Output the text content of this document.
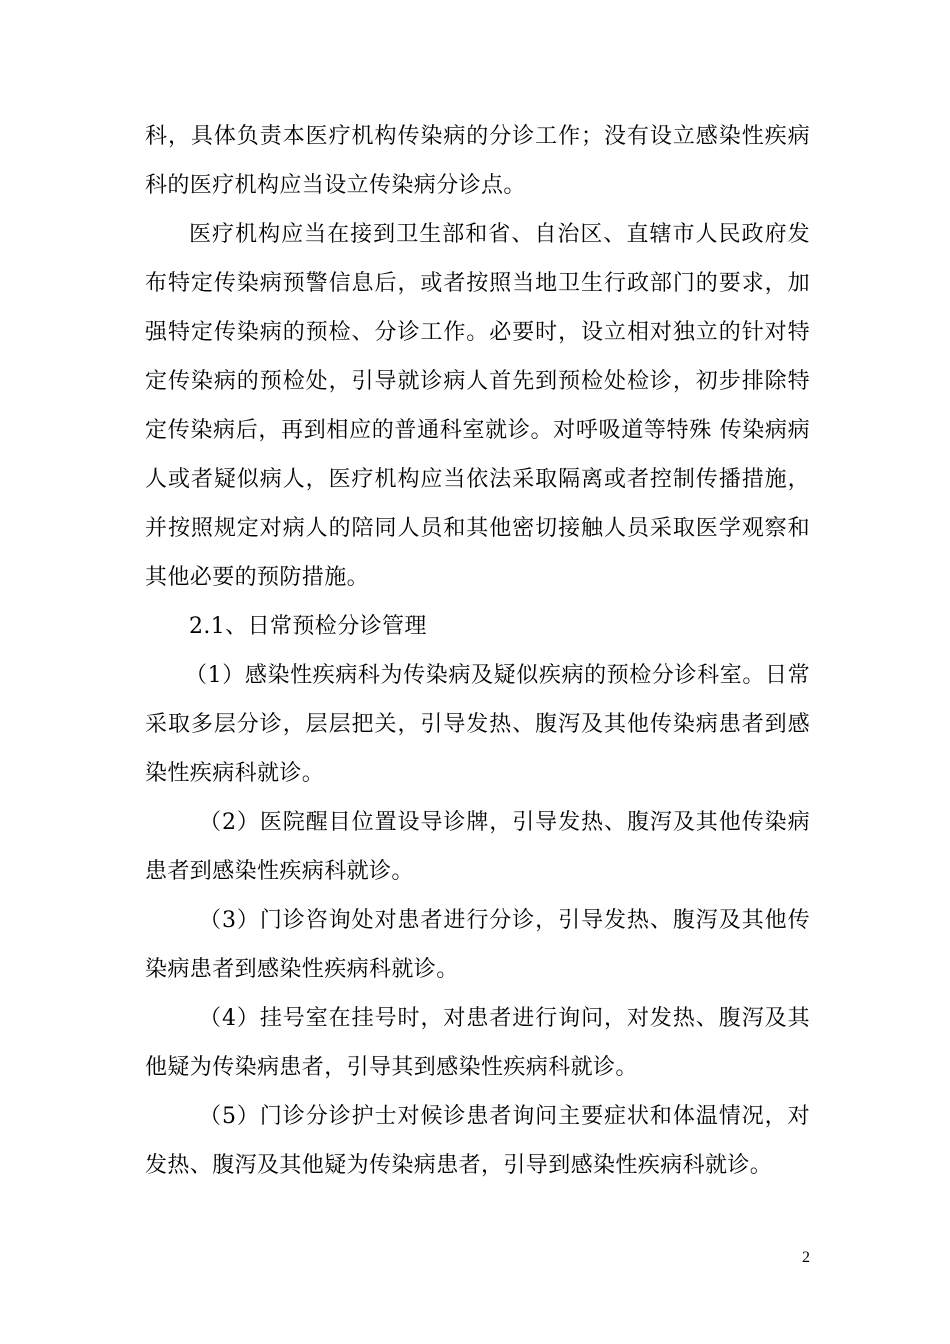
科，具体负责本医疗机构传染病的分诊工作；没有设立感染性疾病科的医疗机构应当设立传染病分诊点。

医疗机构应当在接到卫生部和省、自治区、直辖市人民政府发布特定传染病预警信息后，或者按照当地卫生行政部门的要求，加强特定传染病的预检、分诊工作。必要时，设立相对独立的针对特定传染病的预检处，引导就诊病人首先到预检处检诊，初步排除特定传染病后，再到相应的普通科室就诊。对呼吸道等特殊 传染病病人或者疑似病人，医疗机构应当依法采取隔离或者控制传播措施，并按照规定对病人的陪同人员和其他密切接触人员采取医学观察和其他必要的预防措施。

2.1、日常预检分诊管理

（1）感染性疾病科为传染病及疑似疾病的预检分诊科室。日常采取多层分诊，层层把关，引导发热、腹泻及其他传染病患者到感染性疾病科就诊。

（2）医院醒目位置设导诊牌，引导发热、腹泻及其他传染病患者到感染性疾病科就诊。

（3）门诊咨询处对患者进行分诊，引导发热、腹泻及其他传染病患者到感染性疾病科就诊。

（4）挂号室在挂号时，对患者进行询问，对发热、腹泻及其他疑为传染病患者，引导其到感染性疾病科就诊。

（5）门诊分诊护士对候诊患者询问主要症状和体温情况，对发热、腹泻及其他疑为传染病患者，引导到感染性疾病科就诊。

2
